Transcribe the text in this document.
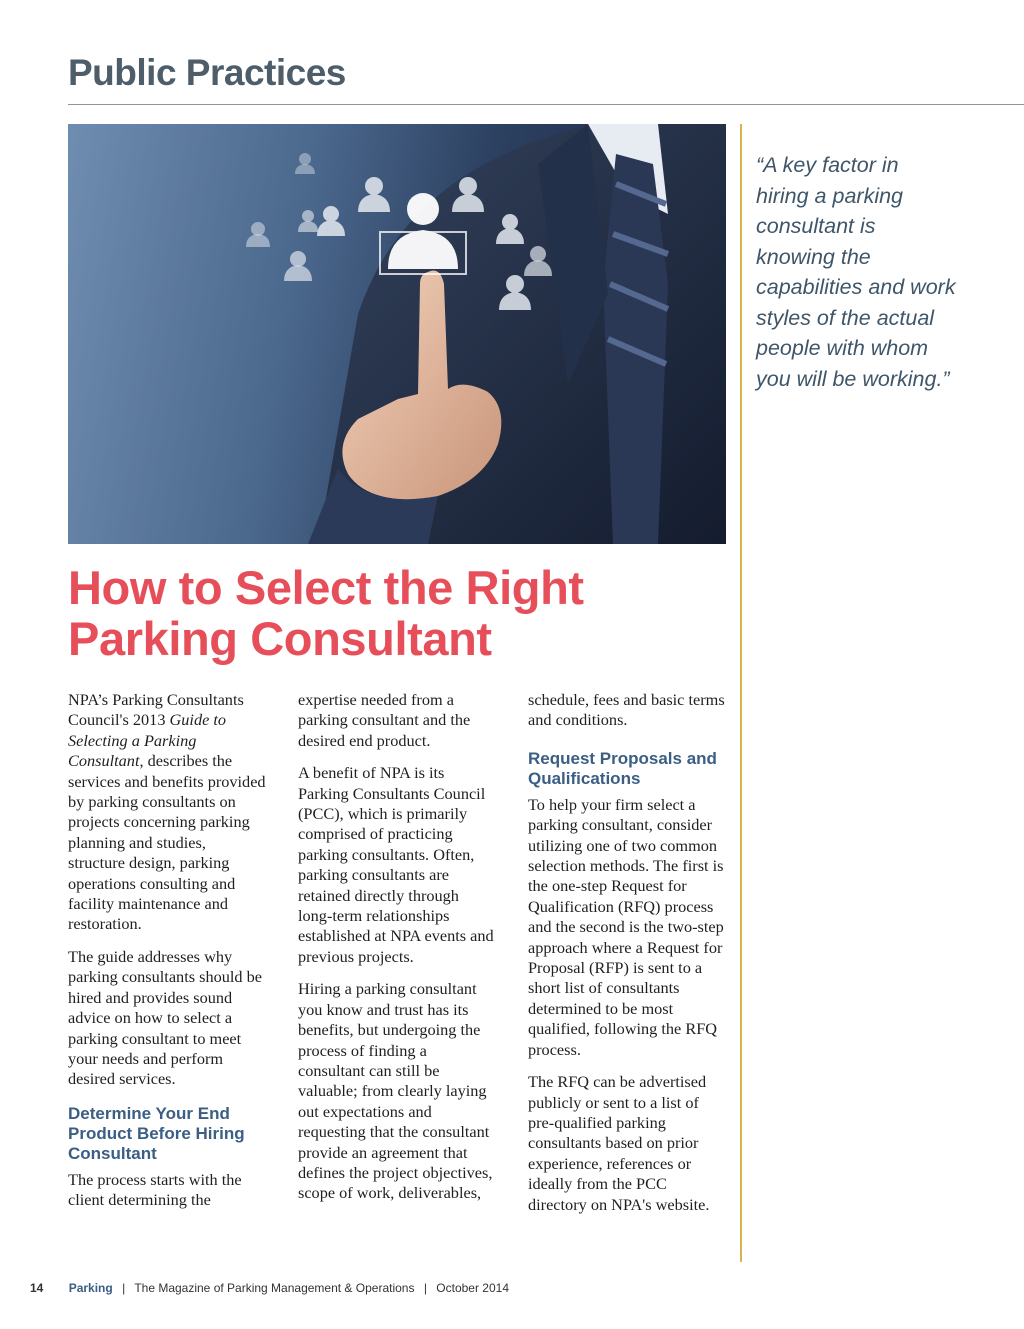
Public Practices

“A key factor in hiring a parking consultant is knowing the capabilities and work styles of the actual people with whom you will be working.”

How to Select the Right
Parking Consultant

NPA’s Parking Consultants Council's 2013 Guide to Selecting a Parking Consultant, describes the services and benefits provided by parking consultants on projects concerning parking planning and studies, structure design, parking operations consulting and facility maintenance and restoration.

The guide addresses why parking consultants should be hired and provides sound advice on how to select a parking consultant to meet your needs and perform desired services.

Determine Your End Product Before Hiring Consultant

The process starts with the client determining the

expertise needed from a parking consultant and the desired end product.

A benefit of NPA is its Parking Consultants Council (PCC), which is primarily comprised of practicing parking consultants. Often, parking consultants are retained directly through long-term relationships established at NPA events and previous projects.

Hiring a parking consultant you know and trust has its benefits, but undergoing the process of finding a consultant can still be valuable; from clearly laying out expectations and requesting that the consultant provide an agreement that defines the project objectives, scope of work, deliverables,

schedule, fees and basic terms and conditions.

Request Proposals and Qualifications

To help your firm select a parking consultant, consider utilizing one of two common selection methods. The first is the one-step Request for Qualification (RFQ) process and the second is the two-step approach where a Request for Proposal (RFP) is sent to a short list of consultants determined to be most qualified, following the RFQ process.

The RFQ can be advertised publicly or sent to a list of pre-qualified parking consultants based on prior experience, references or ideally from the PCC directory on NPA's website.

14 Parking | The Magazine of Parking Management & Operations | October 2014
